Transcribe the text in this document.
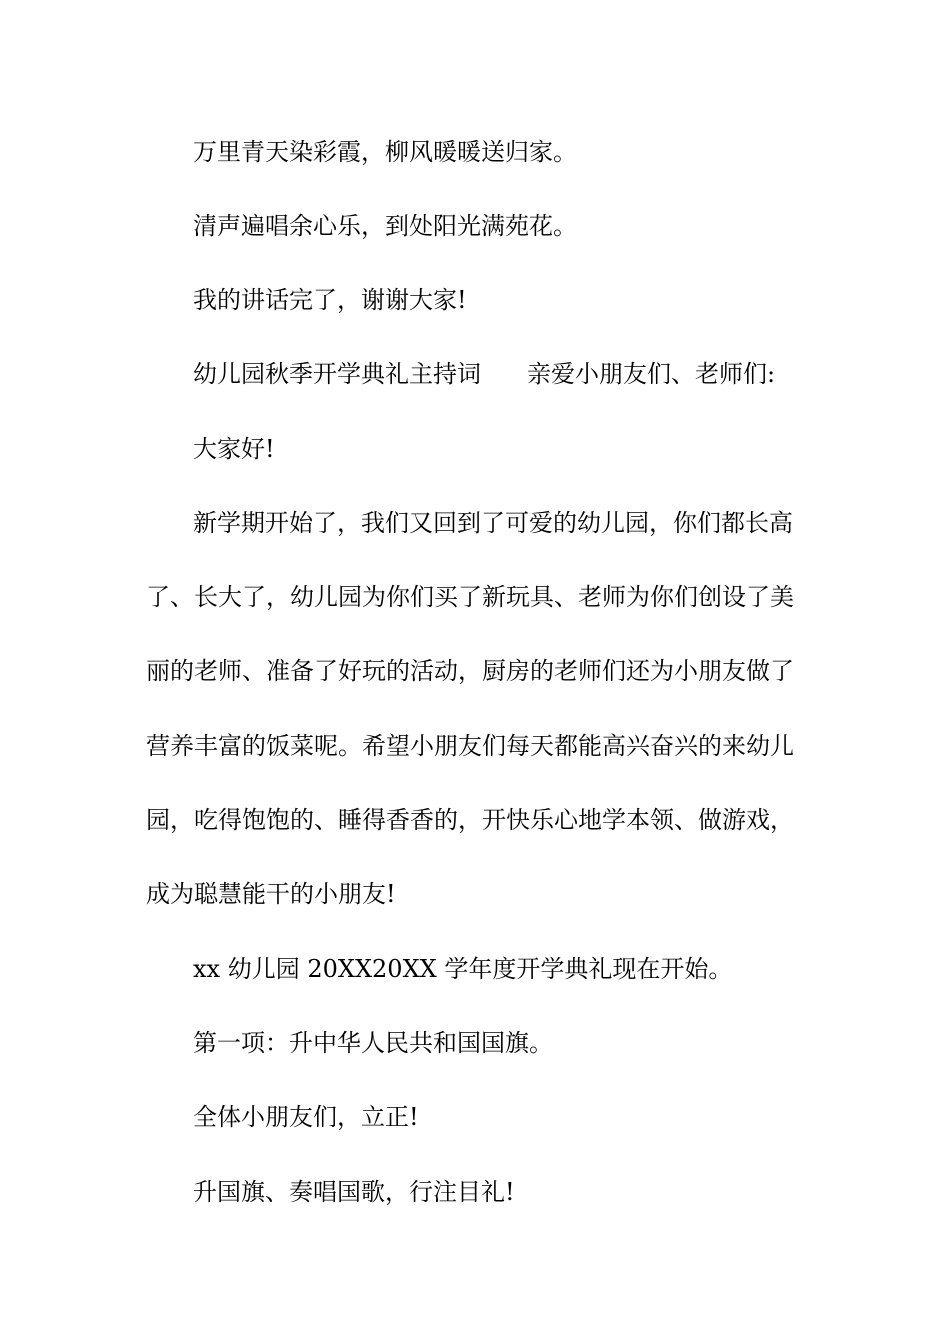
万里青天染彩霞，柳风暖暖送归家。
清声遍唱余心乐，到处阳光满苑花。
我的讲话完了，谢谢大家!
幼儿园秋季开学典礼主持词 亲爱小朋友们、老师们:
大家好!
新学期开始了，我们又回到了可爱的幼儿园，你们都长高
了、长大了，幼儿园为你们买了新玩具、老师为你们创设了美
丽的老师、准备了好玩的活动，厨房的老师们还为小朋友做了
营养丰富的饭菜呢。希望小朋友们每天都能高兴奋兴的来幼儿
园，吃得饱饱的、睡得香香的，开快乐心地学本领、做游戏，
成为聪慧能干的小朋友!
xx 幼儿园 20XX20XX 学年度开学典礼现在开始。
第一项：升中华人民共和国国旗。
全体小朋友们，立正!
升国旗、奏唱国歌，行注目礼!
